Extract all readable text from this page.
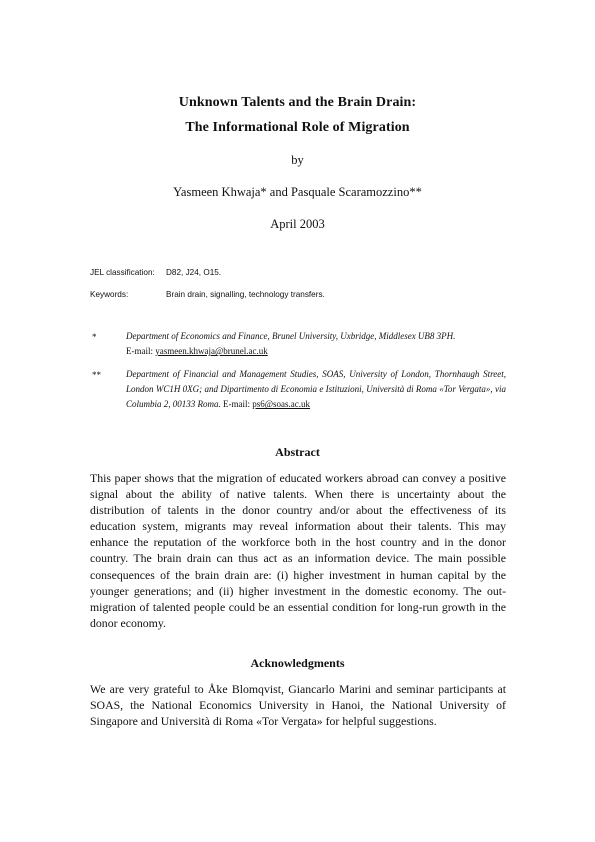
Unknown Talents and the Brain Drain:
The Informational Role of Migration
by
Yasmeen Khwaja* and Pasquale Scaramozzino**
April 2003
JEL classification: D82, J24, O15.
Keywords:	Brain drain, signalling, technology transfers.
*	Department of Economics and Finance, Brunel University, Uxbridge, Middlesex UB8 3PH.
E-mail: yasmeen.khwaja@brunel.ac.uk
**	Department of Financial and Management Studies, SOAS, University of London, Thornhaugh Street, London WC1H 0XG; and Dipartimento di Economia e Istituzioni, Università di Roma «Tor Vergata», via Columbia 2, 00133 Roma. E-mail: ps6@soas.ac.uk
Abstract
This paper shows that the migration of educated workers abroad can convey a positive signal about the ability of native talents. When there is uncertainty about the distribution of talents in the donor country and/or about the effectiveness of its education system, migrants may reveal information about their talents. This may enhance the reputation of the workforce both in the host country and in the donor country. The brain drain can thus act as an information device. The main possible consequences of the brain drain are: (i) higher investment in human capital by the younger generations; and (ii) higher investment in the domestic economy. The out-migration of talented people could be an essential condition for long-run growth in the donor economy.
Acknowledgments
We are very grateful to Åke Blomqvist, Giancarlo Marini and seminar participants at SOAS, the National Economics University in Hanoi, the National University of Singapore and Università di Roma «Tor Vergata» for helpful suggestions.
